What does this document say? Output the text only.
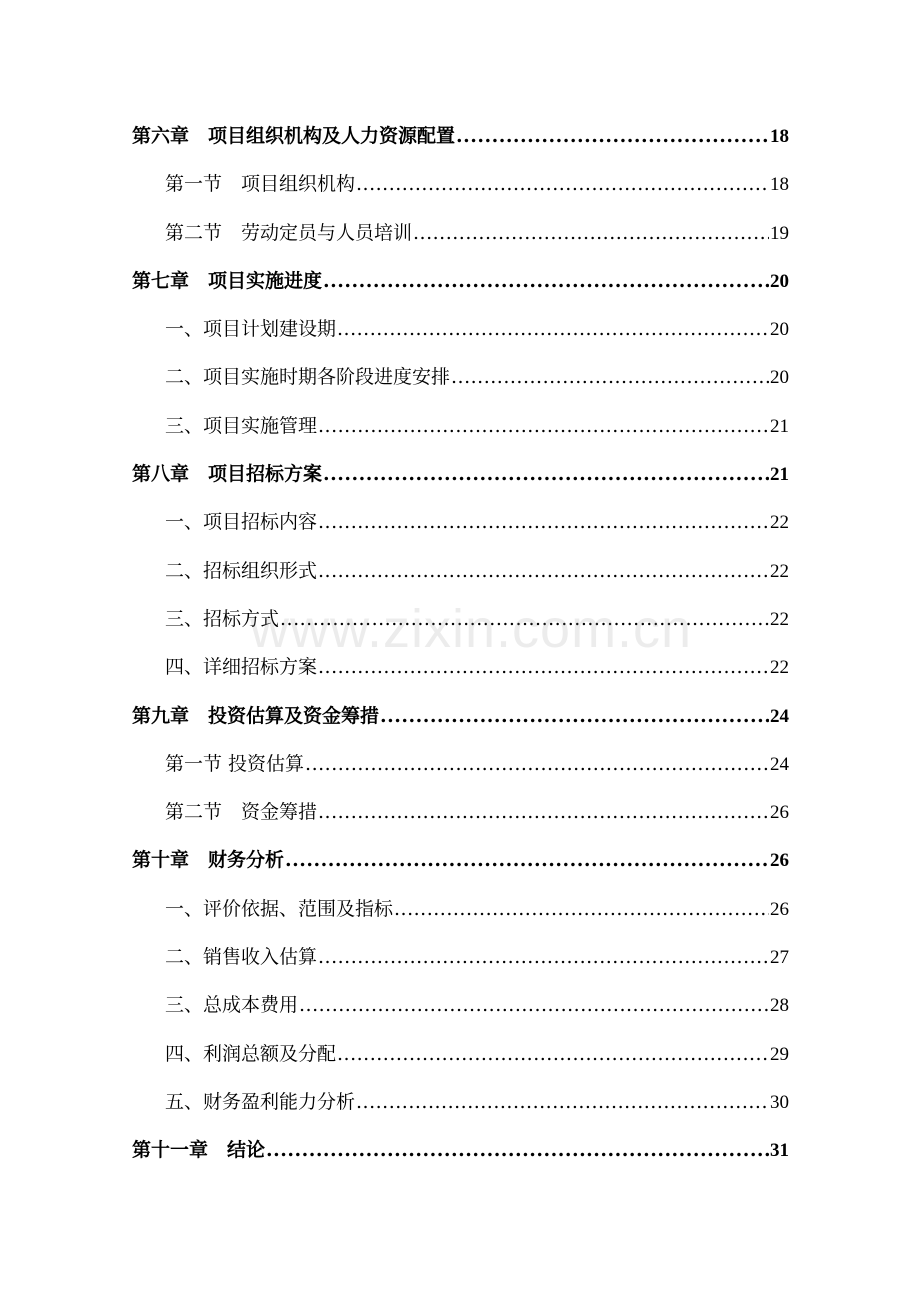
第六章　项目组织机构及人力资源配置 .....	18
第一节　项目组织机构 .....	18
第二节　劳动定员与人员培训 .....	19
第七章　项目实施进度 .....	20
一、项目计划建设期 .....	20
二、项目实施时期各阶段进度安排 .....	20
三、项目实施管理 .....	21
第八章　项目招标方案 .....	21
一、项目招标内容 .....	22
二、招标组织形式 .....	22
三、招标方式 .....	22
四、详细招标方案 .....	22
第九章　投资估算及资金筹措 .....	24
第一节 投资估算 .....	24
第二节　资金筹措 .....	26
第十章　财务分析 .....	26
一、评价依据、范围及指标 .....	26
二、销售收入估算 .....	27
三、总成本费用 .....	28
四、利润总额及分配 .....	29
五、财务盈利能力分析 .....	30
第十一章　结论 .....	31
www.zixin.com.cn
